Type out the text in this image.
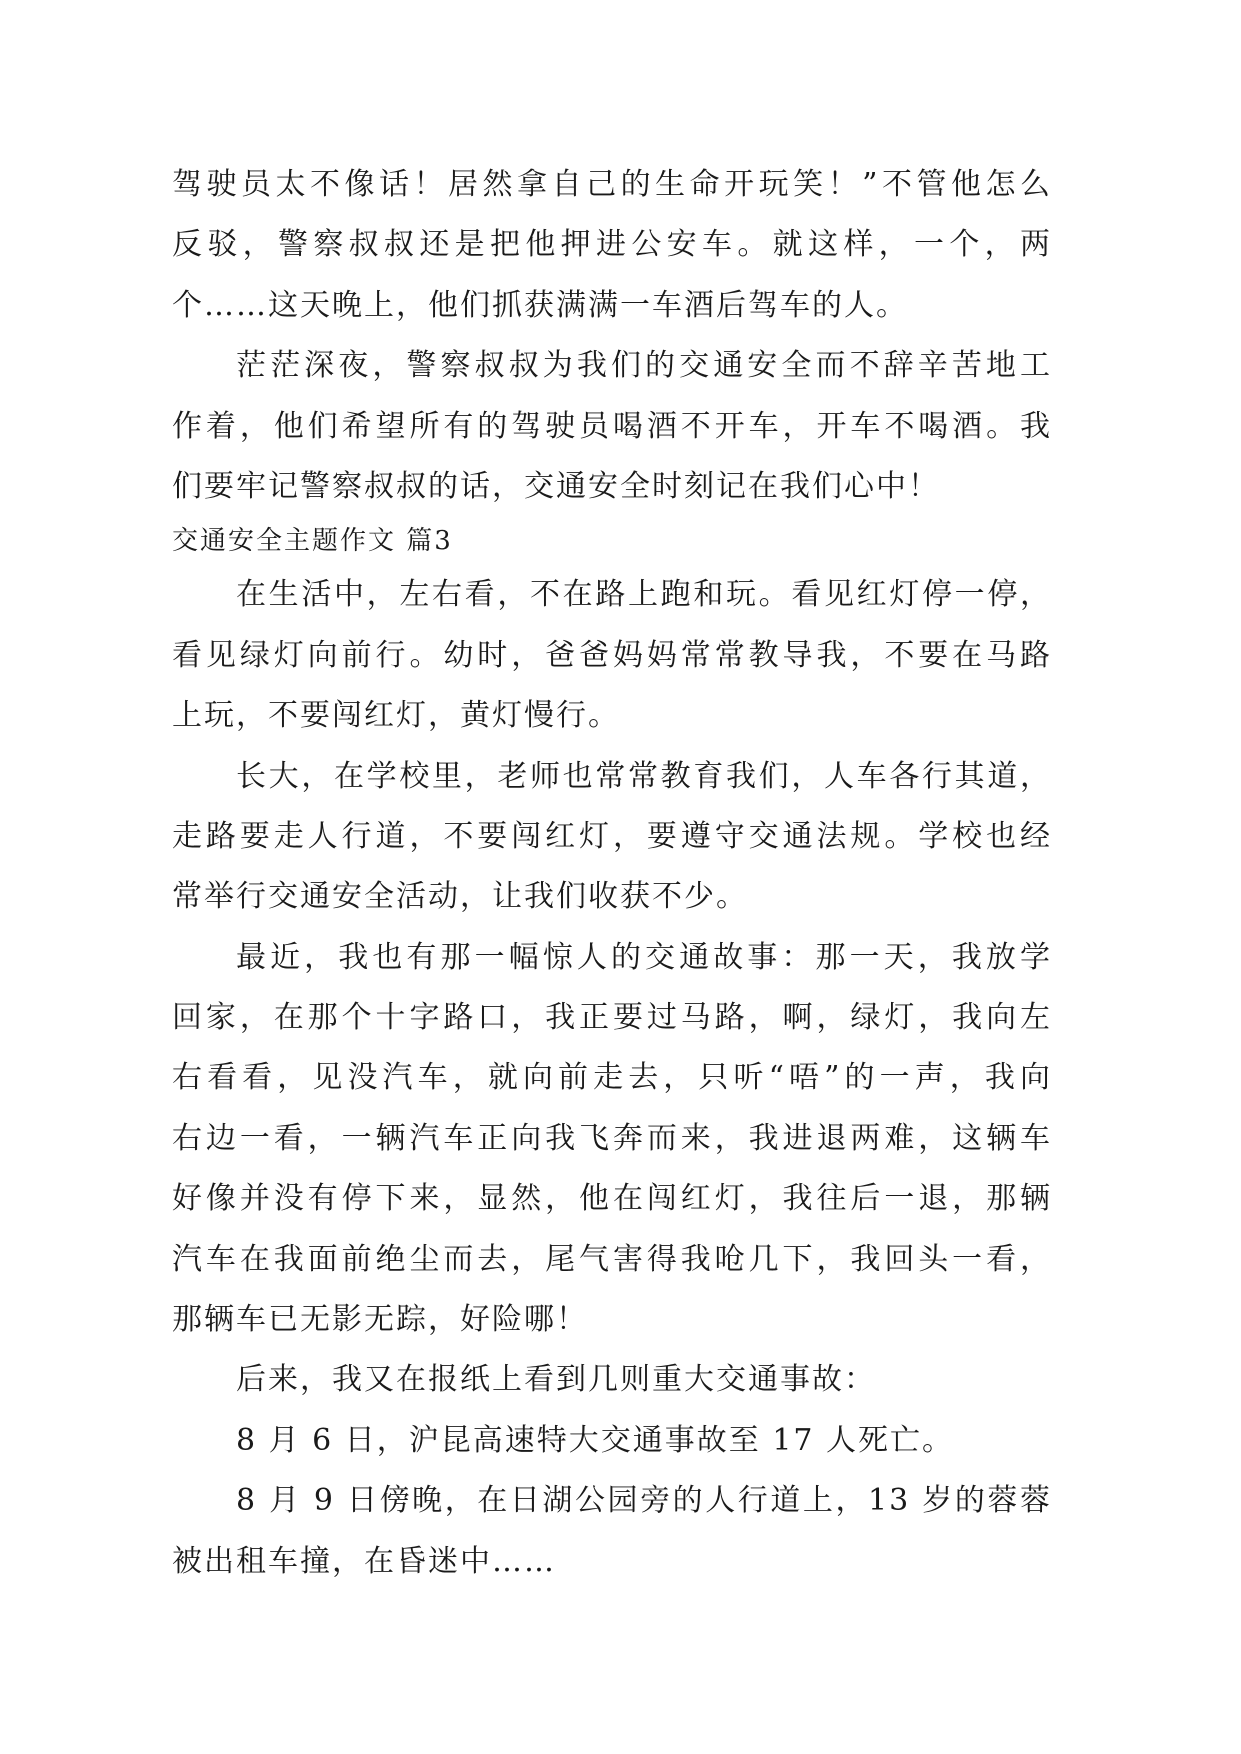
驾驶员太不像话！居然拿自己的生命开玩笑！”不管他怎么
反驳，警察叔叔还是把他押进公安车。就这样，一个，两
个……这天晚上，他们抓获满满一车酒后驾车的人。
茫茫深夜，警察叔叔为我们的交通安全而不辞辛苦地工
作着，他们希望所有的驾驶员喝酒不开车，开车不喝酒。我
们要牢记警察叔叔的话，交通安全时刻记在我们心中！
交通安全主题作文 篇3
在生活中，左右看，不在路上跑和玩。看见红灯停一停，
看见绿灯向前行。幼时，爸爸妈妈常常教导我，不要在马路
上玩，不要闯红灯，黄灯慢行。
长大，在学校里，老师也常常教育我们，人车各行其道，
走路要走人行道，不要闯红灯，要遵守交通法规。学校也经
常举行交通安全活动，让我们收获不少。
最近，我也有那一幅惊人的交通故事：那一天，我放学
回家，在那个十字路口，我正要过马路，啊，绿灯，我向左
右看看，见没汽车，就向前走去，只听“唔”的一声，我向
右边一看，一辆汽车正向我飞奔而来，我进退两难，这辆车
好像并没有停下来，显然，他在闯红灯，我往后一退，那辆
汽车在我面前绝尘而去，尾气害得我呛几下，我回头一看，
那辆车已无影无踪，好险哪！
后来，我又在报纸上看到几则重大交通事故：
8 月 6 日，沪昆高速特大交通事故至 17 人死亡。
8 月 9 日傍晚，在日湖公园旁的人行道上，13 岁的蓉蓉
被出租车撞，在昏迷中……
